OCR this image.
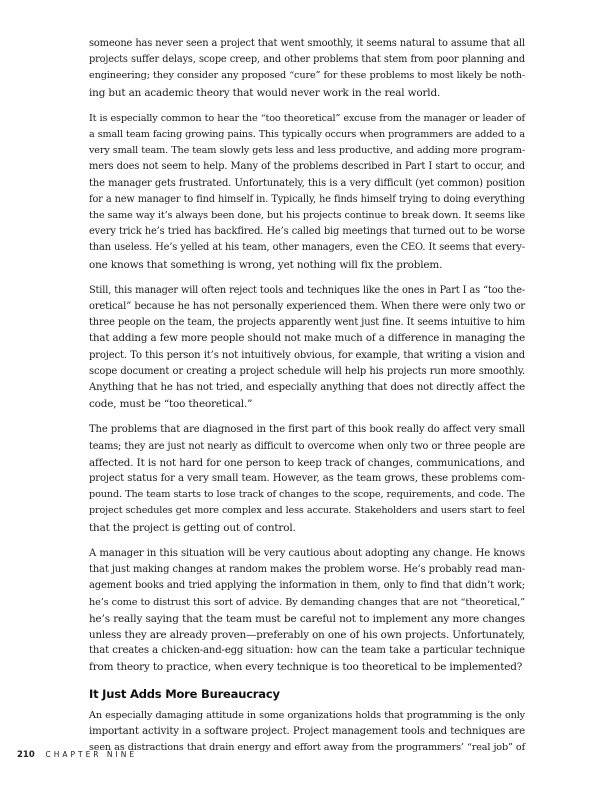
someone has never seen a project that went smoothly, it seems natural to assume that all
projects suffer delays, scope creep, and other problems that stem from poor planning and
engineering; they consider any proposed “cure” for these problems to most likely be noth-
ing but an academic theory that would never work in the real world.

It is especially common to hear the “too theoretical” excuse from the manager or leader of
a small team facing growing pains. This typically occurs when programmers are added to a
very small team. The team slowly gets less and less productive, and adding more program-
mers does not seem to help. Many of the problems described in Part I start to occur, and
the manager gets frustrated. Unfortunately, this is a very difficult (yet common) position
for a new manager to find himself in. Typically, he finds himself trying to doing everything
the same way it’s always been done, but his projects continue to break down. It seems like
every trick he’s tried has backfired. He’s called big meetings that turned out to be worse
than useless. He’s yelled at his team, other managers, even the CEO. It seems that every-
one knows that something is wrong, yet nothing will fix the problem.

Still, this manager will often reject tools and techniques like the ones in Part I as “too the-
oretical” because he has not personally experienced them. When there were only two or
three people on the team, the projects apparently went just fine. It seems intuitive to him
that adding a few more people should not make much of a difference in managing the
project. To this person it’s not intuitively obvious, for example, that writing a vision and
scope document or creating a project schedule will help his projects run more smoothly.
Anything that he has not tried, and especially anything that does not directly affect the
code, must be “too theoretical.”

The problems that are diagnosed in the first part of this book really do affect very small
teams; they are just not nearly as difficult to overcome when only two or three people are
affected. It is not hard for one person to keep track of changes, communications, and
project status for a very small team. However, as the team grows, these problems com-
pound. The team starts to lose track of changes to the scope, requirements, and code. The
project schedules get more complex and less accurate. Stakeholders and users start to feel
that the project is getting out of control.

A manager in this situation will be very cautious about adopting any change. He knows
that just making changes at random makes the problem worse. He’s probably read man-
agement books and tried applying the information in them, only to find that didn’t work;
he’s come to distrust this sort of advice. By demanding changes that are not “theoretical,”
he’s really saying that the team must be careful not to implement any more changes
unless they are already proven—preferably on one of his own projects. Unfortunately,
that creates a chicken-and-egg situation: how can the team take a particular technique
from theory to practice, when every technique is too theoretical to be implemented?

It Just Adds More Bureaucracy

An especially damaging attitude in some organizations holds that programming is the only
important activity in a software project. Project management tools and techniques are
seen as distractions that drain energy and effort away from the programmers’ “real job” of

210 CHAPTER NINE
